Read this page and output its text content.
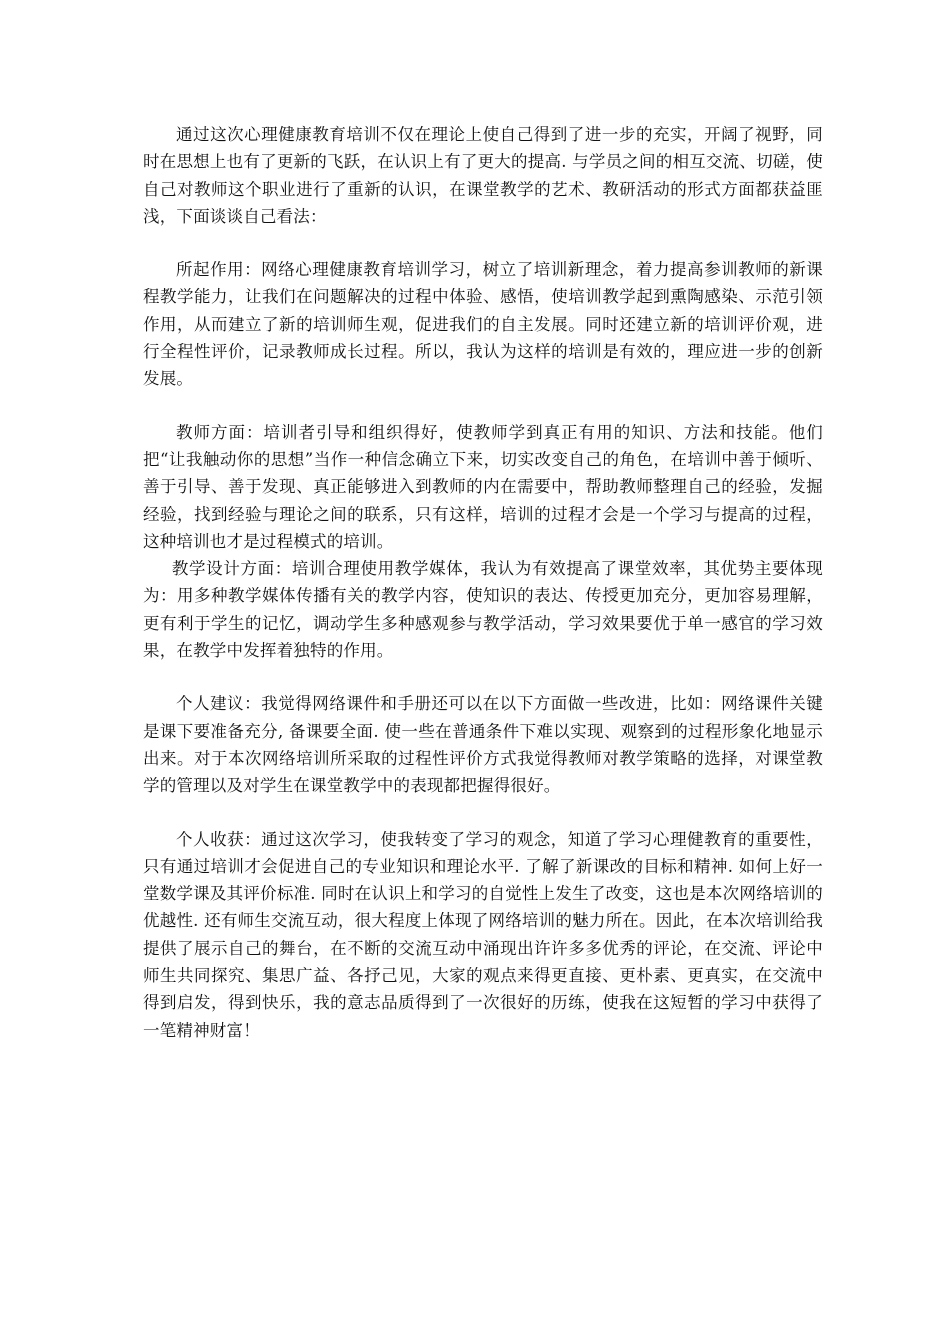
通过这次心理健康教育培训不仅在理论上使自己得到了进一步的充实，开阔了视野，同时在思想上也有了更新的飞跃，在认识上有了更大的提高. 与学员之间的相互交流、切磋，使自己对教师这个职业进行了重新的认识，在课堂教学的艺术、教研活动的形式方面都获益匪浅，下面谈谈自己看法：

所起作用：网络心理健康教育培训学习，树立了培训新理念，着力提高参训教师的新课程教学能力，让我们在问题解决的过程中体验、感悟，使培训教学起到熏陶感染、示范引领作用，从而建立了新的培训师生观，促进我们的自主发展。同时还建立新的培训评价观，进行全程性评价，记录教师成长过程。所以，我认为这样的培训是有效的，理应进一步的创新发展。

教师方面：培训者引导和组织得好，使教师学到真正有用的知识、方法和技能。他们把“让我触动你的思想”当作一种信念确立下来，切实改变自己的角色，在培训中善于倾听、善于引导、善于发现、真正能够进入到教师的内在需要中，帮助教师整理自己的经验，发掘经验，找到经验与理论之间的联系，只有这样，培训的过程才会是一个学习与提高的过程，这种培训也才是过程模式的培训。

教学设计方面：培训合理使用教学媒体，我认为有效提高了课堂效率，其优势主要体现为：用多种教学媒体传播有关的教学内容，使知识的表达、传授更加充分，更加容易理解，更有利于学生的记忆，调动学生多种感观参与教学活动，学习效果要优于单一感官的学习效果，在教学中发挥着独特的作用。

个人建议：我觉得网络课件和手册还可以在以下方面做一些改进，比如：网络课件关键是课下要准备充分, 备课要全面. 使一些在普通条件下难以实现、观察到的过程形象化地显示出来。对于本次网络培训所采取的过程性评价方式我觉得教师对教学策略的选择，对课堂教学的管理以及对学生在课堂教学中的表现都把握得很好。

个人收获：通过这次学习，使我转变了学习的观念，知道了学习心理健教育的重要性，只有通过培训才会促进自己的专业知识和理论水平. 了解了新课改的目标和精神. 如何上好一堂数学课及其评价标准. 同时在认识上和学习的自觉性上发生了改变，这也是本次网络培训的优越性. 还有师生交流互动，很大程度上体现了网络培训的魅力所在。因此，在本次培训给我提供了展示自己的舞台，在不断的交流互动中涌现出许许多多优秀的评论，在交流、评论中师生共同探究、集思广益、各抒己见，大家的观点来得更直接、更朴素、更真实，在交流中得到启发，得到快乐，我的意志品质得到了一次很好的历练，使我在这短暂的学习中获得了一笔精神财富！
